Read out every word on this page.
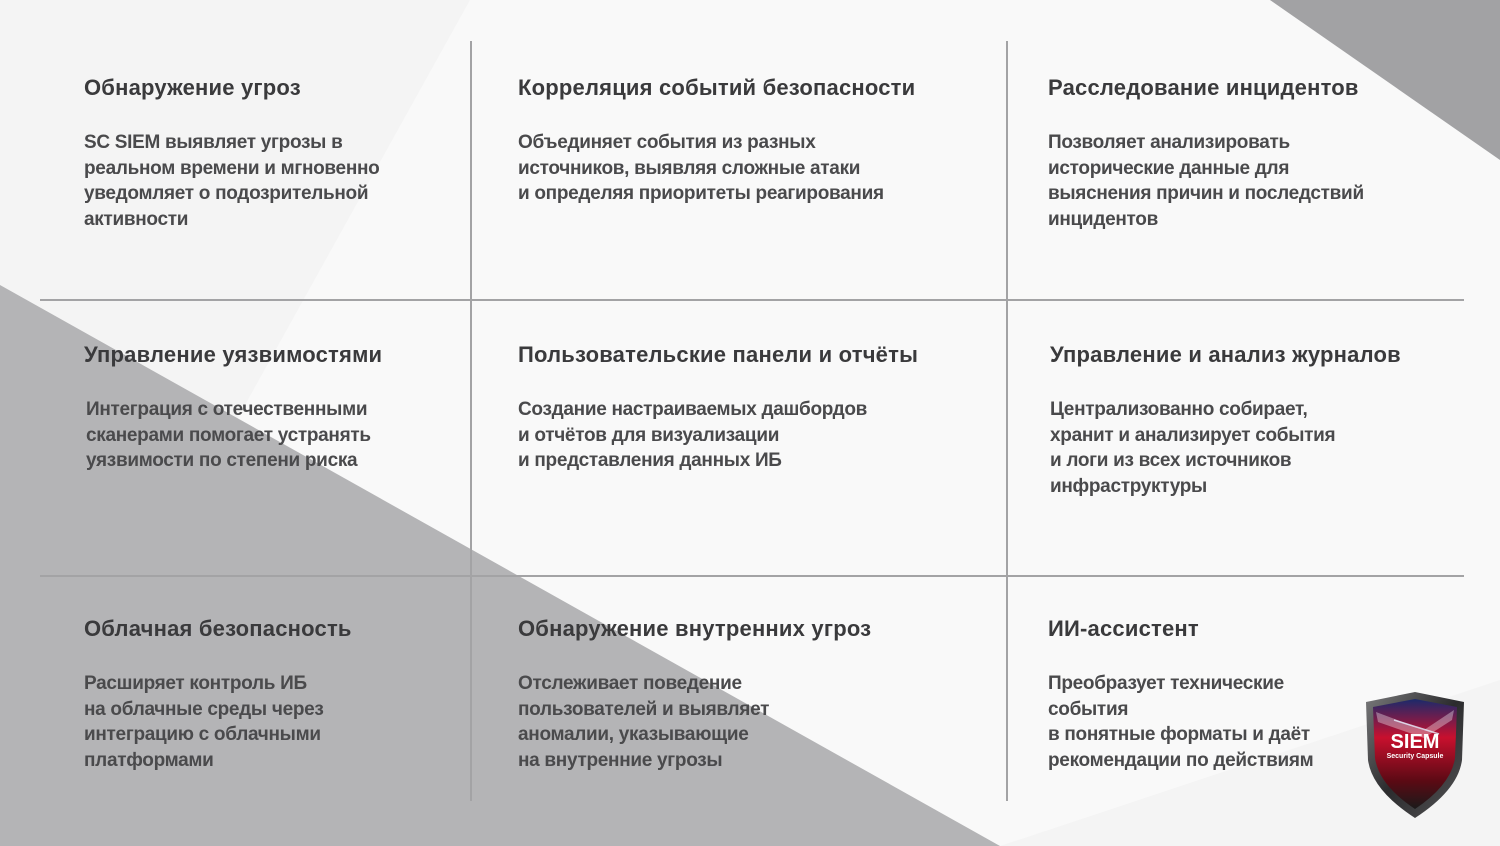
Обнаружение угроз

SC SIEM выявляет угрозы в
реальном времени и мгновенно
уведомляет о подозрительной
активности

Корреляция событий безопасности

Объединяет события из разных
источников, выявляя сложные атаки
и определяя приоритеты реагирования

Расследование инцидентов

Позволяет анализировать
исторические данные для
выяснения причин и последствий
инцидентов

Управление уязвимостями

Интеграция с отечественными
сканерами помогает устранять
уязвимости по степени риска

Пользовательские панели и отчёты

Создание настраиваемых дашбордов
и отчётов для визуализации
и представления данных ИБ

Управление и анализ журналов

Централизованно собирает,
хранит и анализирует события
и логи из всех источников
инфраструктуры

Облачная безопасность

Расширяет контроль ИБ
на облачные среды через
интеграцию с облачными
платформами

Обнаружение внутренних угроз

Отслеживает поведение
пользователей и выявляет
аномалии, указывающие
на внутренние угрозы

ИИ-ассистент

Преобразует технические события
в понятные форматы и даёт
рекомендации по действиям

SIEM
Security Capsule
